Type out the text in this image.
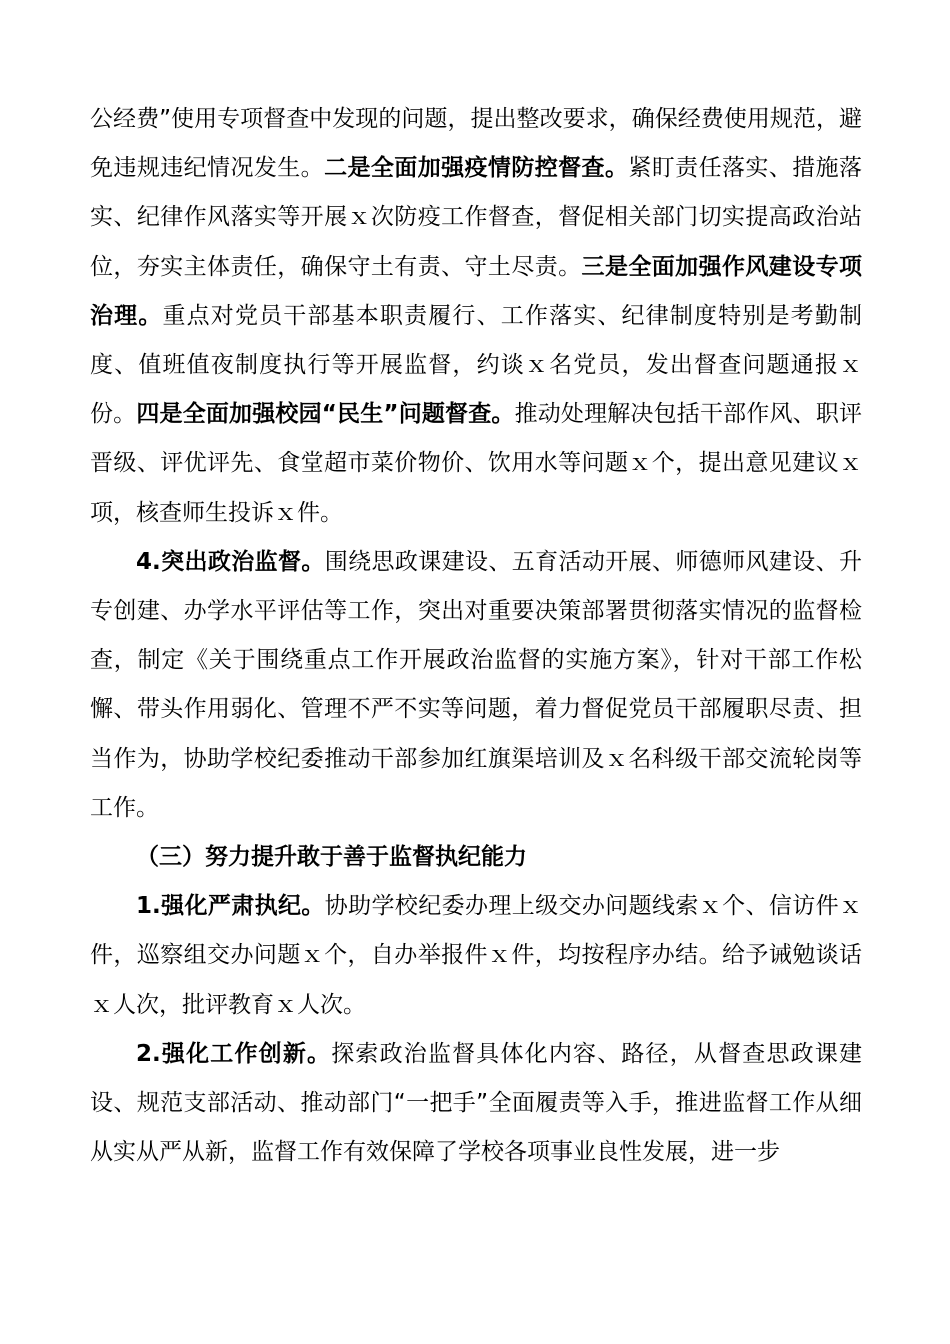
公经费”使用专项督查中发现的问题，提出整改要求，确保经费使用规范，避免违规违纪情况发生。二是全面加强疫情防控督查。紧盯责任落实、措施落实、纪律作风落实等开展ｘ次防疫工作督查，督促相关部门切实提高政治站位，夯实主体责任，确保守土有责、守土尽责。三是全面加强作风建设专项治理。重点对党员干部基本职责履行、工作落实、纪律制度特别是考勤制度、值班值夜制度执行等开展监督，约谈ｘ名党员，发出督查问题通报ｘ份。四是全面加强校园“民生”问题督查。推动处理解决包括干部作风、职评晋级、评优评先、食堂超市菜价物价、饮用水等问题ｘ个，提出意见建议ｘ项，核查师生投诉ｘ件。

4.突出政治监督。围绕思政课建设、五育活动开展、师德师风建设、升专创建、办学水平评估等工作，突出对重要决策部署贯彻落实情况的监督检查，制定《关于围绕重点工作开展政治监督的实施方案》，针对干部工作松懈、带头作用弱化、管理不严不实等问题，着力督促党员干部履职尽责、担当作为，协助学校纪委推动干部参加红旗渠培训及ｘ名科级干部交流轮岗等工作。

（三）努力提升敢于善于监督执纪能力

1.强化严肃执纪。协助学校纪委办理上级交办问题线索ｘ个、信访件ｘ件，巡察组交办问题ｘ个，自办举报件ｘ件，均按程序办结。给予诫勉谈话ｘ人次，批评教育ｘ人次。

2.强化工作创新。探索政治监督具体化内容、路径，从督查思政课建设、规范支部活动、推动部门“一把手”全面履责等入手，推进监督工作从细从实从严从新，监督工作有效保障了学校各项事业良性发展，进一步
